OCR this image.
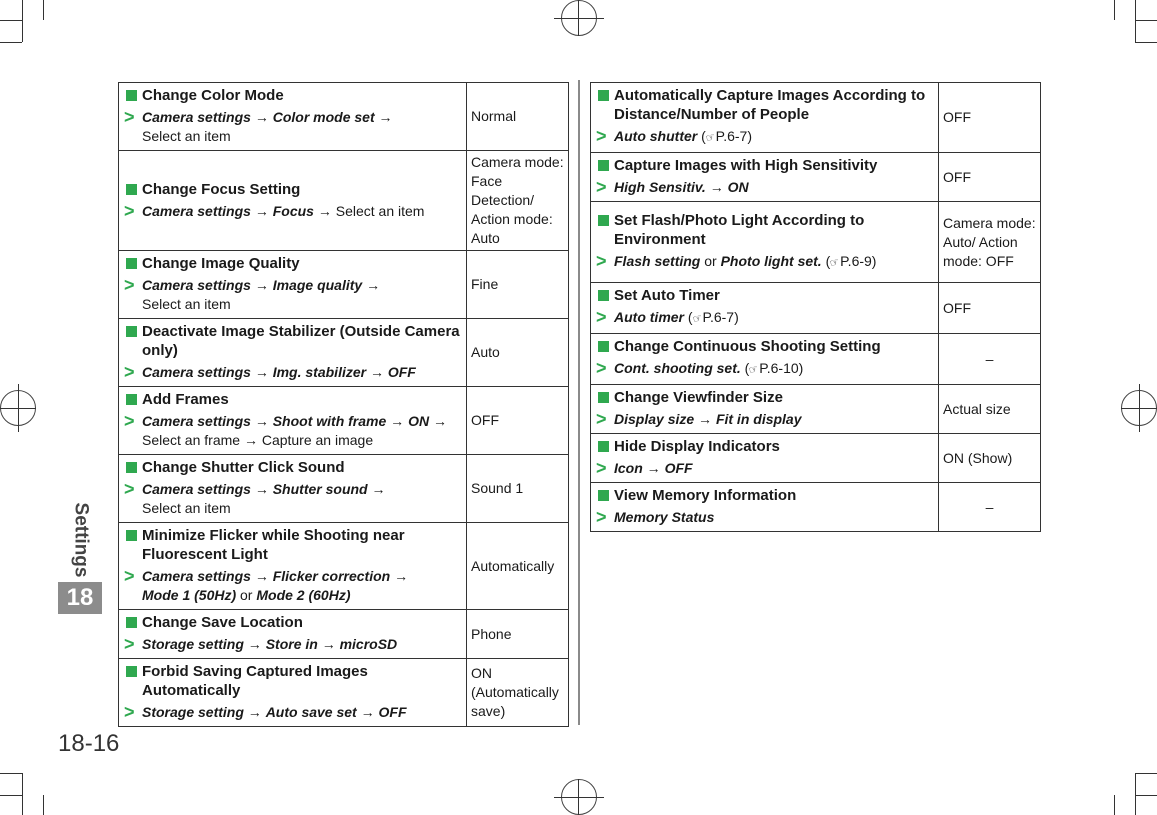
Settings
18
18-16
Change Color Mode
> Camera settings → Color mode set →
Select an item	Normal

Change Focus Setting
> Camera settings → Focus → Select an item	Camera mode: Face Detection/ Action mode: Auto

Change Image Quality
> Camera settings → Image quality →
Select an item	Fine

Deactivate Image Stabilizer (Outside Camera only)
> Camera settings → Img. stabilizer → OFF	Auto

Add Frames
> Camera settings → Shoot with frame → ON →
Select an frame → Capture an image	OFF

Change Shutter Click Sound
> Camera settings → Shutter sound →
Select an item	Sound 1

Minimize Flicker while Shooting near Fluorescent Light
> Camera settings → Flicker correction →
Mode 1 (50Hz) or Mode 2 (60Hz)	Automatically

Change Save Location
> Storage setting → Store in → microSD	Phone

Forbid Saving Captured Images Automatically
> Storage setting → Auto save set → OFF	ON (Automatically save)
Automatically Capture Images According to Distance/Number of People
> Auto shutter (☞P.6-7)	OFF

Capture Images with High Sensitivity
> High Sensitiv. → ON	OFF

Set Flash/Photo Light According to Environment
> Flash setting or Photo light set. (☞P.6-9)	Camera mode: Auto/ Action mode: OFF

Set Auto Timer
> Auto timer (☞P.6-7)	OFF

Change Continuous Shooting Setting
> Cont. shooting set. (☞P.6-10)	–

Change Viewfinder Size
> Display size → Fit in display	Actual size

Hide Display Indicators
> Icon → OFF	ON (Show)

View Memory Information
> Memory Status	–
